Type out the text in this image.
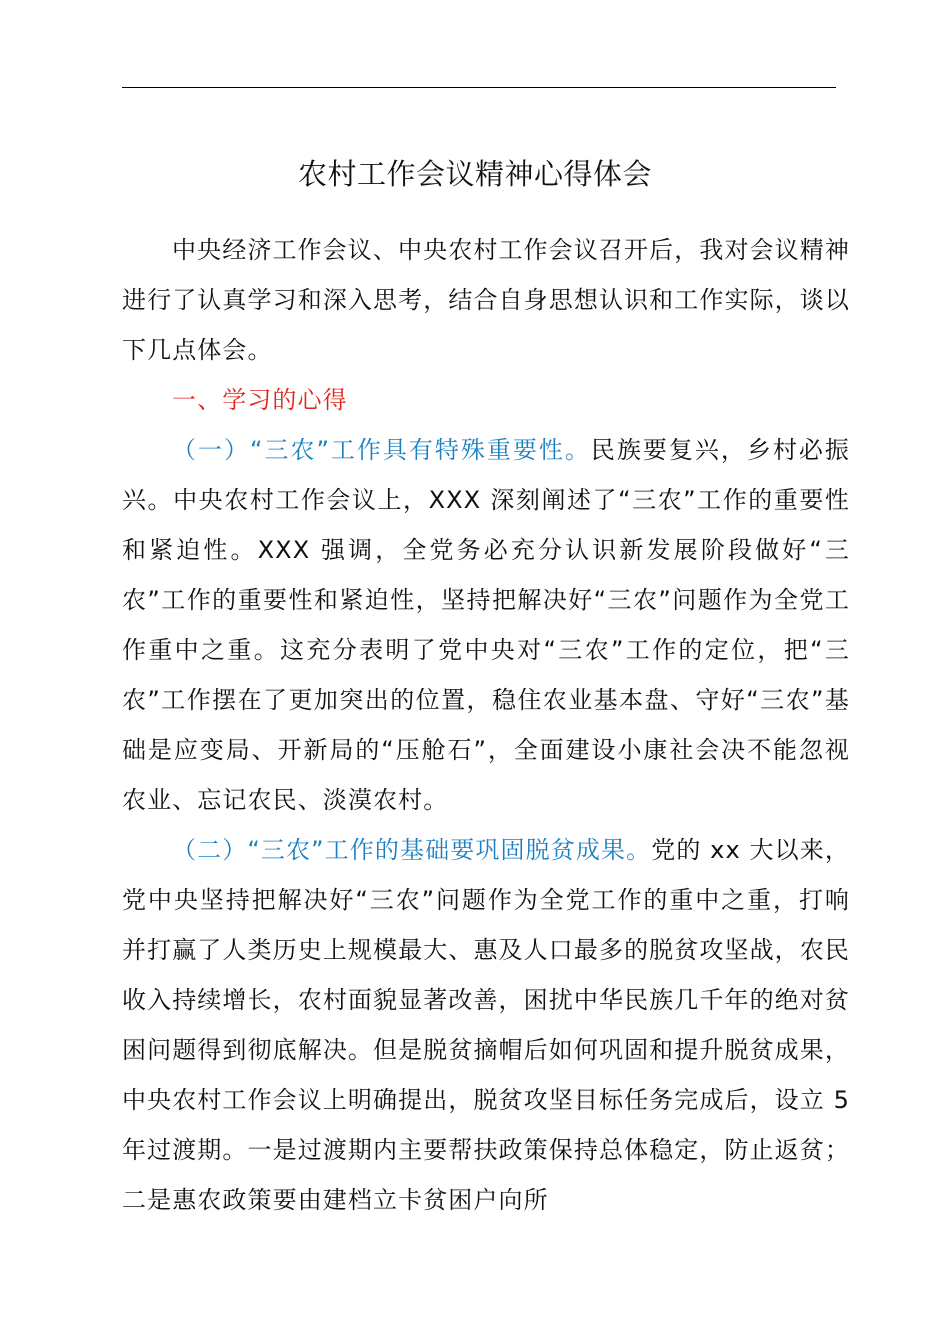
农村工作会议精神心得体会

中央经济工作会议、中央农村工作会议召开后，我对会议精神进行了认真学习和深入思考，结合自身思想认识和工作实际，谈以下几点体会。

一、学习的心得

（一）“三农”工作具有特殊重要性。民族要复兴，乡村必振兴。中央农村工作会议上，XXX 深刻阐述了“三农”工作的重要性和紧迫性。XXX 强调，全党务必充分认识新发展阶段做好“三农”工作的重要性和紧迫性，坚持把解决好“三农”问题作为全党工作重中之重。这充分表明了党中央对“三农”工作的定位，把“三农”工作摆在了更加突出的位置，稳住农业基本盘、守好“三农”基础是应变局、开新局的“压舱石”，全面建设小康社会决不能忽视农业、忘记农民、淡漠农村。

（二）“三农”工作的基础要巩固脱贫成果。党的 xx 大以来，党中央坚持把解决好“三农”问题作为全党工作的重中之重，打响并打赢了人类历史上规模最大、惠及人口最多的脱贫攻坚战，农民收入持续增长，农村面貌显著改善，困扰中华民族几千年的绝对贫困问题得到彻底解决。但是脱贫摘帽后如何巩固和提升脱贫成果，中央农村工作会议上明确提出，脱贫攻坚目标任务完成后，设立 5 年过渡期。一是过渡期内主要帮扶政策保持总体稳定，防止返贫；二是惠农政策要由建档立卡贫困户向所
